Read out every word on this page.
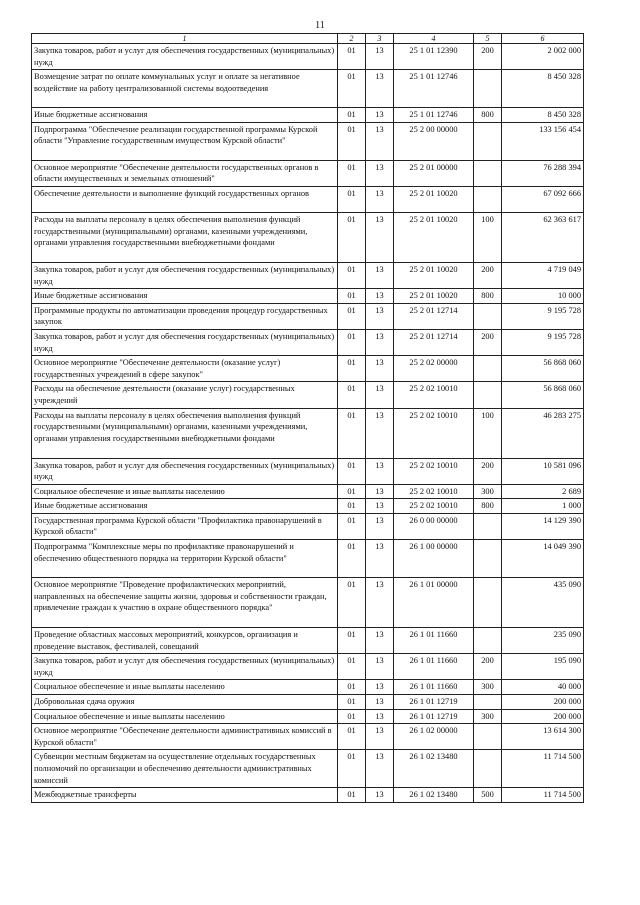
11
1	2	3	4	5	6
Закупка товаров, работ и услуг для обеспечения государственных (муниципальных) нужд	01	13	25 1 01 12390	200	2 002 000
Возмещение затрат по оплате коммунальных услуг и оплате за негативное воздействие на работу централизованной системы водоотведения	01	13	25 1 01 12746		8 450 328
Иные бюджетные ассигнования	01	13	25 1 01 12746	800	8 450 328
Подпрограмма "Обеспечение реализации государственной программы Курской области "Управление государственным имуществом Курской области"	01	13	25 2 00 00000		133 156 454
Основное мероприятие "Обеспечение деятельности государственных органов в области имущественных и земельных отношений"	01	13	25 2 01 00000		76 288 394
Обеспечение деятельности и выполнение функций государственных органов	01	13	25 2 01 10020		67 092 666
Расходы на выплаты персоналу в целях обеспечения выполнения функций государственными (муниципальными) органами, казенными учреждениями, органами управления государственными внебюджетными фондами	01	13	25 2 01 10020	100	62 363 617
Закупка товаров, работ и услуг для обеспечения государственных (муниципальных) нужд	01	13	25 2 01 10020	200	4 719 049
Иные бюджетные ассигнования	01	13	25 2 01 10020	800	10 000
Программные продукты по автоматизации проведения процедур государственных закупок	01	13	25 2 01 12714		9 195 728
Закупка товаров, работ и услуг для обеспечения государственных (муниципальных) нужд	01	13	25 2 01 12714	200	9 195 728
Основное мероприятие "Обеспечение деятельности (оказание услуг) государственных учреждений в сфере закупок"	01	13	25 2 02 00000		56 868 060
Расходы на обеспечение деятельности (оказание услуг) государственных учреждений	01	13	25 2 02 10010		56 868 060
Расходы на выплаты персоналу в целях обеспечения выполнения функций государственными (муниципальными) органами, казенными учреждениями, органами управления государственными внебюджетными фондами	01	13	25 2 02 10010	100	46 283 275
Закупка товаров, работ и услуг для обеспечения государственных (муниципальных) нужд	01	13	25 2 02 10010	200	10 581 096
Социальное обеспечение и иные выплаты населению	01	13	25 2 02 10010	300	2 689
Иные бюджетные ассигнования	01	13	25 2 02 10010	800	1 000
Государственная программа Курской области "Профилактика правонарушений в Курской области"	01	13	26 0 00 00000		14 129 390
Подпрограмма "Комплексные меры по профилактике правонарушений и обеспечению общественного порядка на территории Курской области"	01	13	26 1 00 00000		14 049 390
Основное мероприятие "Проведение профилактических мероприятий, направленных на обеспечение защиты жизни, здоровья и собственности граждан, привлечение граждан к участию в охране общественного порядка"	01	13	26 1 01 00000		435 090
Проведение областных массовых мероприятий, конкурсов, организация и проведение выставок, фестивалей, совещаний	01	13	26 1 01 11660		235 090
Закупка товаров, работ и услуг для обеспечения государственных (муниципальных) нужд	01	13	26 1 01 11660	200	195 090
Социальное обеспечение и иные выплаты населению	01	13	26 1 01 11660	300	40 000
Добровольная сдача оружия	01	13	26 1 01 12719		200 000
Социальное обеспечение и иные выплаты населению	01	13	26 1 01 12719	300	200 000
Основное мероприятие "Обеспечение деятельности административных комиссий в Курской области"	01	13	26 1 02 00000		13 614 300
Субвенции местным бюджетам на осуществление отдельных государственных полномочий по организации и обеспечению деятельности административных комиссий	01	13	26 1 02 13480		11 714 500
Межбюджетные трансферты	01	13	26 1 02 13480	500	11 714 500
